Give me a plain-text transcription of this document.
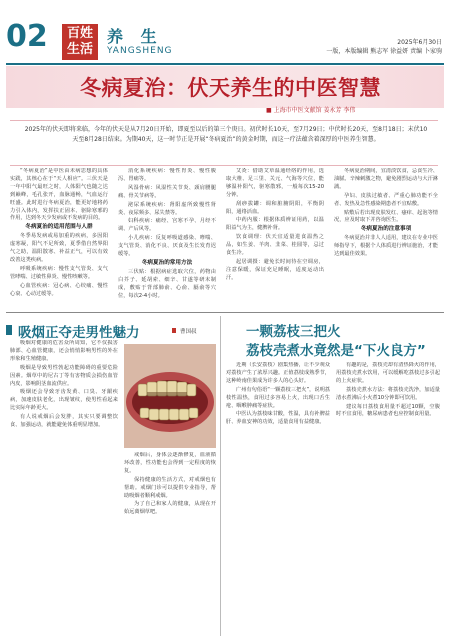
02	百姓
生活
养 生
YANGSHENG
2025年6月30日
一版，本版编辑 熊志军 徐益妍 责编 卜家驹
冬病夏治：伏天养生的中医智慧
■ 上海市中医文献馆 姜永芳 李伟
2025年的伏天即将来临，今年的伏天是从7月20日开始，即夏至以后的第三个庚日。初伏时长10天，至7月29日；中伏时长20天，至8月18日；末伏10天至8月28日结束。为期40天，这一时节正是开展“冬病夏治”的黄金时期，而这一疗法蕴含着深厚的中医养生智慧。

“冬病夏治”是中医由未病思想的具体实践，其核心在于“天人相应”。三伏天是一年中阳气最旺之时，人体阳气也随之达到巅峰，毛孔张开，血脉通畅，气血运行旺盛。此时进行冬病夏治，能更好地将药力引入体内，发挥扶正固本、驱除寒邪的作用，达到冬天少发病或不发病的目的。

冬病夏治的适用范围与人群

冬季易发病或易加重的疾病，多因阳虚寒凝，阳气不足所致，夏季借自然界阳气之助，温阳散寒、补益正气，可以有效改善这类疾病。

呼吸系统疾病：慢性支气管炎、支气管哮喘、过敏性鼻炎、慢性咳嗽等。

心血管疾病：冠心病、心绞痛、慢性心衰、心动过缓等。

消化系统疾病：慢性胃炎、慢性腹泻、胃痛等。

风湿骨病：风湿性关节炎、颈肩腰腿痛、骨关节病等。

泌尿系统疾病：肾阳虚所致慢性肾炎、夜尿频多、尿失禁等。

妇科疾病：痛经、宫寒不孕、月经不调、产后风等。

小儿疾病：反复呼吸道感染、哮喘、支气管炎、消化不良、厌食及生长发育迟缓等。

冬病夏治的常用方法

三伏贴：根据病症选取穴位，药物由白芥子、延胡索、细辛、甘遂等研末制成，敷贴于背部肺俞、心俞、膈俞等穴位，每次2-4小时。

艾灸：借助艾草温通经络的作用，选取大椎、足三里、关元、气海等穴位，能够温补阳气，驱寒散邪，一般每次15-20分钟。

刮痧拔罐：调和脏腑阴阳，平衡阴阳，通络活血。

中药内服：根据体质辨证用药，以温阳益气为主，健脾补肾。

饮食调理：伏天宜适量进食温热之品，如生姜、羊肉、韭菜、桂圆等，忌过食生冷。

起居调摄：避免长时间待在空调房，注意保暖，保证充足睡眠，适度运动出汗。

冬病夏治期间，宜清淡饮食，忌食生冷、油腻、辛辣刺激之物，避免剧烈运动与大汗淋漓。

孕妇、皮肤过敏者、严重心肺功能不全者、发热及急性感染期患者不宜贴敷。

贴敷后若出现皮肤发红、瘙痒、起泡等情况，应及时取下并咨询医生。

冬病夏治的注意事项

冬病夏治并非人人适用，建议在专业中医师指导下，根据个人体质进行辨证施治，才能达到最佳效果。

吸烟正夺走男性魅力	曹国叔

吸烟对健康的危害众所周知，它不仅损害肺部、心血管健康，还会悄悄影响男性的外在形象和生殖健康。

吸烟是导致男性勃起功能障碍的重要危险因素。烟草中的尼古丁等有害物质会损伤血管内皮，影响阴茎血流供应。

吸烟还会导致牙齿发黄、口臭、牙龈疾病，加速皮肤老化，出现皱纹，使男性看起来比实际年龄更大。

有人说戒烟后会发胖，其实只要调整饮食、加强运动，就能避免体重明显增加。

戒烟后，身体会逐渐修复，血液循环改善，性功能也会得到一定程度的恢复。

保持健康的生活方式，对戒烟也有帮助。戒烟门诊可以提供专业指导，帮助吸烟者顺利戒烟。

为了自己和家人的健康，从现在开始远离烟草吧。

一颗荔枝三把火
荔枝壳煮水竟然是“下火良方”

近期（长安荔枝）剧集热播，让不少观众对荔枝产生了浓厚兴趣。正值荔枝成熟季节，这种岭南佳果成为许多人的心头好。

广州有句俗语“一颗荔枝三把火”，说明荔枝性温热，食用过多容易上火，出现口舌生疮、咽喉肿痛等症状。

中医认为荔枝味甘酸，性温，具有补脾益肝、养血安神的功效，适量食用有益健康。

有趣的是，荔枝壳却有清热降火的作用，用荔枝壳煮水饮用，可以缓解吃荔枝过多引起的上火症状。

荔枝壳煮水方法：将荔枝壳洗净，加适量清水煮沸后小火煮10分钟即可饮用。

建议每日荔枝食用量不超过10颗，空腹时不宜食用，糖尿病患者也应控制食用量。
